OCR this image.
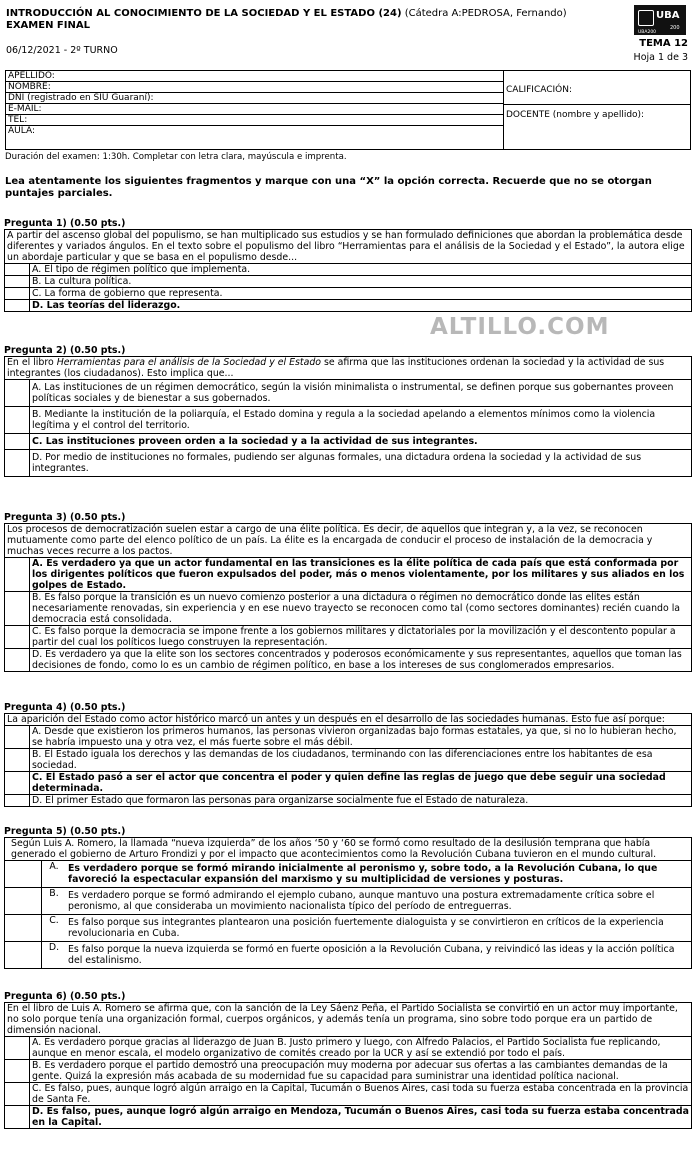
INTRODUCCIÓN AL CONOCIMIENTO DE LA SOCIEDAD Y EL ESTADO (24) (Cátedra A:PEDROSA, Fernando)
EXAMEN FINAL
06/12/2021 - 2º TURNO
UBA
200
UBA200
TEMA 12
Hoja 1 de 3
APELLIDO:
NOMBRE:
DNI (registrado en SIU Guaraní):
E-MAIL:
TEL:
AULA:
CALIFICACIÓN:
DOCENTE (nombre y apellido):
Duración del examen: 1:30h. Completar con letra clara, mayúscula e imprenta.
Lea atentamente los siguientes fragmentos y marque con una “X” la opción correcta. Recuerde que no se otorgan puntajes parciales.
Pregunta 1) (0.50 pts.)
A partir del ascenso global del populismo, se han multiplicado sus estudios y se han formulado definiciones que abordan la problemática desde diferentes y variados ángulos. En el texto sobre el populismo del libro “Herramientas para el análisis de la Sociedad y el Estado”, la autora elige un abordaje particular y que se basa en el populismo desde...
A. El tipo de régimen político que implementa.
B. La cultura política.
C. La forma de gobierno que representa.
D. Las teorías del liderazgo.
ALTILLO.COM
Pregunta 2) (0.50 pts.)
En el libro Herramientas para el análisis de la Sociedad y el Estado se afirma que las instituciones ordenan la sociedad y la actividad de sus integrantes (los ciudadanos). Esto implica que...
A. Las instituciones de un régimen democrático, según la visión minimalista o instrumental, se definen porque sus gobernantes proveen políticas sociales y de bienestar a sus gobernados.
B. Mediante la institución de la poliarquía, el Estado domina y regula a la sociedad apelando a elementos mínimos como la violencia legítima y el control del territorio.
C. Las instituciones proveen orden a la sociedad y a la actividad de sus integrantes.
D. Por medio de instituciones no formales, pudiendo ser algunas formales, una dictadura ordena la sociedad y la actividad de sus integrantes.
Pregunta 3) (0.50 pts.)
Los procesos de democratización suelen estar a cargo de una élite política. Es decir, de aquellos que integran y, a la vez, se reconocen mutuamente como parte del elenco político de un país. La élite es la encargada de conducir el proceso de instalación de la democracia y muchas veces recurre a los pactos.
A. Es verdadero ya que un actor fundamental en las transiciones es la élite política de cada país que está conformada por los dirigentes políticos que fueron expulsados del poder, más o menos violentamente, por los militares y sus aliados en los golpes de Estado.
B. Es falso porque la transición es un nuevo comienzo posterior a una dictadura o régimen no democrático donde las elites están necesariamente renovadas, sin experiencia y en ese nuevo trayecto se reconocen como tal (como sectores dominantes) recién cuando la democracia está consolidada.
C. Es falso porque la democracia se impone frente a los gobiernos militares y dictatoriales por la movilización y el descontento popular a partir del cual los políticos luego construyen la representación.
D. Es verdadero ya que la elite son los sectores concentrados y poderosos económicamente y sus representantes, aquellos que toman las decisiones de fondo, como lo es un cambio de régimen político, en base a los intereses de sus conglomerados empresarios.
Pregunta 4) (0.50 pts.)
La aparición del Estado como actor histórico marcó un antes y un después en el desarrollo de las sociedades humanas. Esto fue así porque:
A. Desde que existieron los primeros humanos, las personas vivieron organizadas bajo formas estatales, ya que, si no lo hubieran hecho, se habría impuesto una y otra vez, el más fuerte sobre el más débil.
B. El Estado iguala los derechos y las demandas de los ciudadanos, terminando con las diferenciaciones entre los habitantes de esa sociedad.
C. El Estado pasó a ser el actor que concentra el poder y quien define las reglas de juego que debe seguir una sociedad determinada.
D. El primer Estado que formaron las personas para organizarse socialmente fue el Estado de naturaleza.
Pregunta 5) (0.50 pts.)
Según Luis A. Romero, la llamada “nueva izquierda” de los años ‘50 y ‘60 se formó como resultado de la desilusión temprana que había generado el gobierno de Arturo Frondizi y por el impacto que acontecimientos como la Revolución Cubana tuvieron en el mundo cultural.
A. Es verdadero porque se formó mirando inicialmente al peronismo y, sobre todo, a la Revolución Cubana, lo que favoreció la espectacular expansión del marxismo y su multiplicidad de versiones y posturas.
B. Es verdadero porque se formó admirando el ejemplo cubano, aunque mantuvo una postura extremadamente crítica sobre el peronismo, al que consideraba un movimiento nacionalista típico del período de entreguerras.
C. Es falso porque sus integrantes plantearon una posición fuertemente dialoguista y se convirtieron en críticos de la experiencia revolucionaria en Cuba.
D. Es falso porque la nueva izquierda se formó en fuerte oposición a la Revolución Cubana, y reivindicó las ideas y la acción política del estalinismo.
Pregunta 6) (0.50 pts.)
En el libro de Luis A. Romero se afirma que, con la sanción de la Ley Sáenz Peña, el Partido Socialista se convirtió en un actor muy importante, no solo porque tenía una organización formal, cuerpos orgánicos, y además tenía un programa, sino sobre todo porque era un partido de dimensión nacional.
A. Es verdadero porque gracias al liderazgo de Juan B. Justo primero y luego, con Alfredo Palacios, el Partido Socialista fue replicando, aunque en menor escala, el modelo organizativo de comités creado por la UCR y así se extendió por todo el país.
B. Es verdadero porque el partido demostró una preocupación muy moderna por adecuar sus ofertas a las cambiantes demandas de la gente. Quizá la expresión más acabada de su modernidad fue su capacidad para suministrar una identidad política nacional.
C. Es falso, pues, aunque logró algún arraigo en la Capital, Tucumán o Buenos Aires, casi toda su fuerza estaba concentrada en la provincia de Santa Fe.
D. Es falso, pues, aunque logró algún arraigo en Mendoza, Tucumán o Buenos Aires, casi toda su fuerza estaba concentrada en la Capital.
